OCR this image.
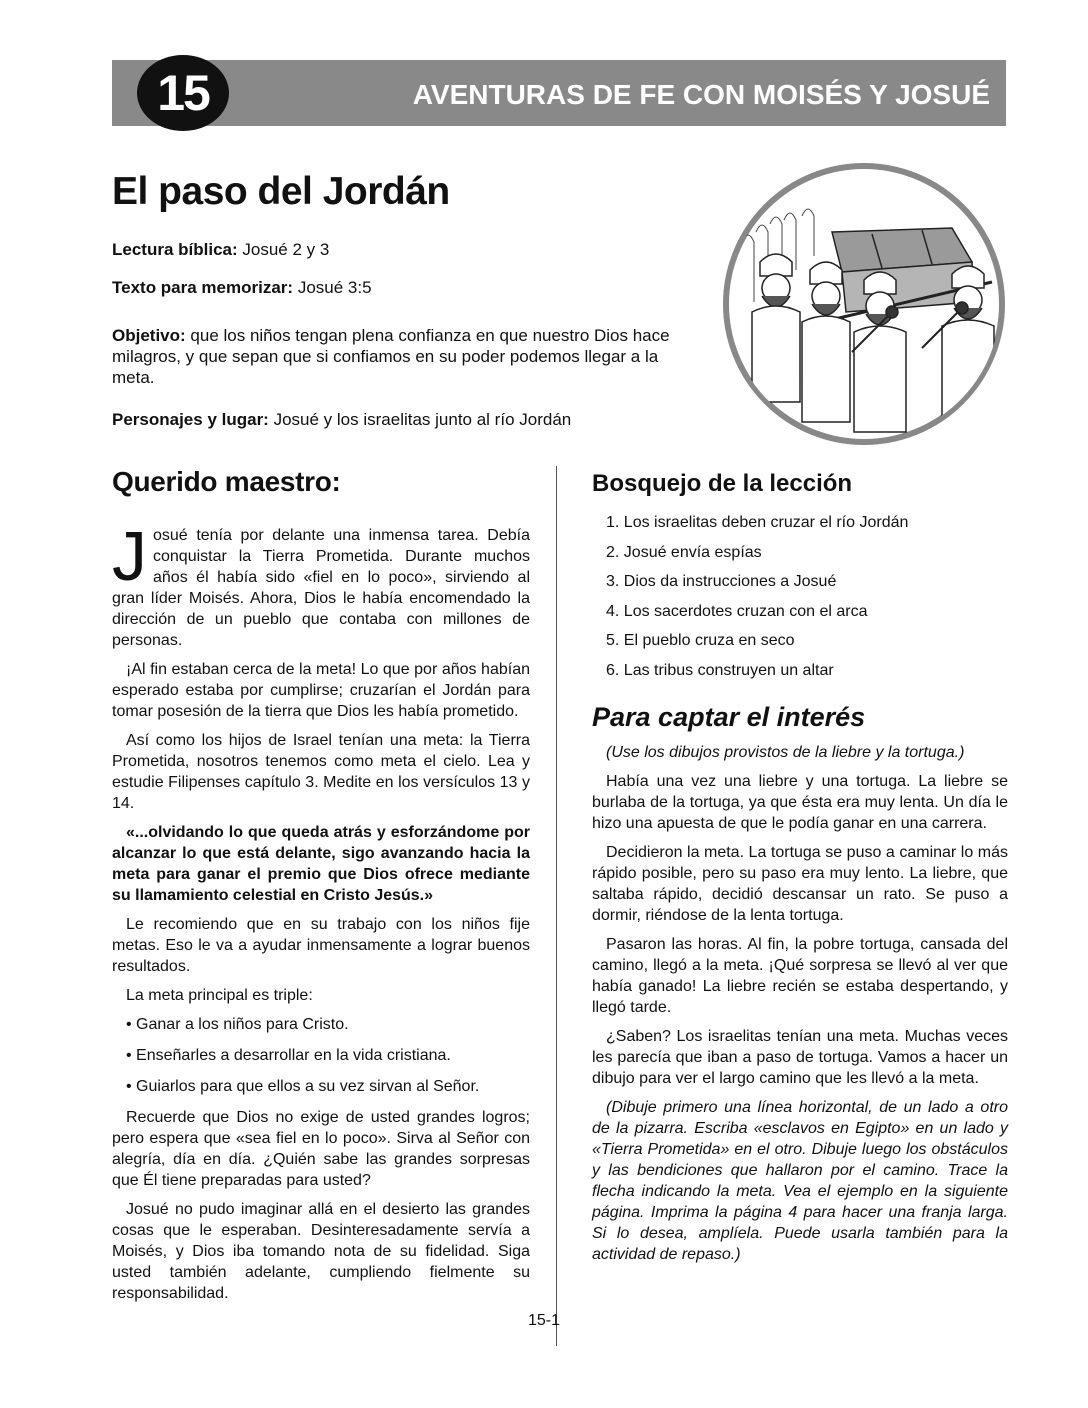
15	AVENTURAS DE FE CON MOISÉS Y JOSUÉ
El paso del Jordán
Lectura bíblica: Josué 2 y 3
Texto para memorizar: Josué 3:5
Objetivo: que los niños tengan plena confianza en que nuestro Dios hace milagros, y que sepan que si confiamos en su poder podemos llegar a la meta.
Personajes y lugar: Josué y los israelitas junto al río Jordán
Querido maestro:

Josué tenía por delante una inmensa tarea. Debía conquistar la Tierra Prometida. Durante muchos años él había sido «fiel en lo poco», sirviendo al gran líder Moisés. Ahora, Dios le había encomendado la dirección de un pueblo que contaba con millones de personas.

¡Al fin estaban cerca de la meta! Lo que por años habían esperado estaba por cumplirse; cruzarían el Jordán para tomar posesión de la tierra que Dios les había prometido.

Así como los hijos de Israel tenían una meta: la Tierra Prometida, nosotros tenemos como meta el cielo. Lea y estudie Filipenses capítulo 3. Medite en los versículos 13 y 14.

«...olvidando lo que queda atrás y esforzándome por alcanzar lo que está delante, sigo avanzando hacia la meta para ganar el premio que Dios ofrece mediante su llamamiento celestial en Cristo Jesús.»

Le recomiendo que en su trabajo con los niños fije metas. Eso le va a ayudar inmensamente a lograr buenos resultados.

La meta principal es triple:

• Ganar a los niños para Cristo.
• Enseñarles a desarrollar en la vida cristiana.
• Guiarlos para que ellos a su vez sirvan al Señor.

Recuerde que Dios no exige de usted grandes logros; pero espera que «sea fiel en lo poco». Sirva al Señor con alegría, día en día. ¿Quién sabe las grandes sorpresas que Él tiene preparadas para usted?

Josué no pudo imaginar allá en el desierto las grandes cosas que le esperaban. Desinteresadamente servía a Moisés, y Dios iba tomando nota de su fidelidad. Siga usted también adelante, cumpliendo fielmente su responsabilidad.

Bosquejo de la lección
1. Los israelitas deben cruzar el río Jordán
2. Josué envía espías
3. Dios da instrucciones a Josué
4. Los sacerdotes cruzan con el arca
5. El pueblo cruza en seco
6. Las tribus construyen un altar
Para captar el interés

(Use los dibujos provistos de la liebre y la tortuga.)

Había una vez una liebre y una tortuga. La liebre se burlaba de la tortuga, ya que ésta era muy lenta. Un día le hizo una apuesta de que le podía ganar en una carrera.

Decidieron la meta. La tortuga se puso a caminar lo más rápido posible, pero su paso era muy lento. La liebre, que saltaba rápido, decidió descansar un rato. Se puso a dormir, riéndose de la lenta tortuga.

Pasaron las horas. Al fin, la pobre tortuga, cansada del camino, llegó a la meta. ¡Qué sorpresa se llevó al ver que había ganado! La liebre recién se estaba despertando, y llegó tarde.

¿Saben? Los israelitas tenían una meta. Muchas veces les parecía que iban a paso de tortuga. Vamos a hacer un dibujo para ver el largo camino que les llevó a la meta.

(Dibuje primero una línea horizontal, de un lado a otro de la pizarra. Escriba «esclavos en Egipto» en un lado y «Tierra Prometida» en el otro. Dibuje luego los obstáculos y las bendiciones que hallaron por el camino. Trace la flecha indicando la meta. Vea el ejemplo en la siguiente página. Imprima la página 4 para hacer una franja larga. Si lo desea, amplíela. Puede usarla también para la actividad de repaso.)

15-1
